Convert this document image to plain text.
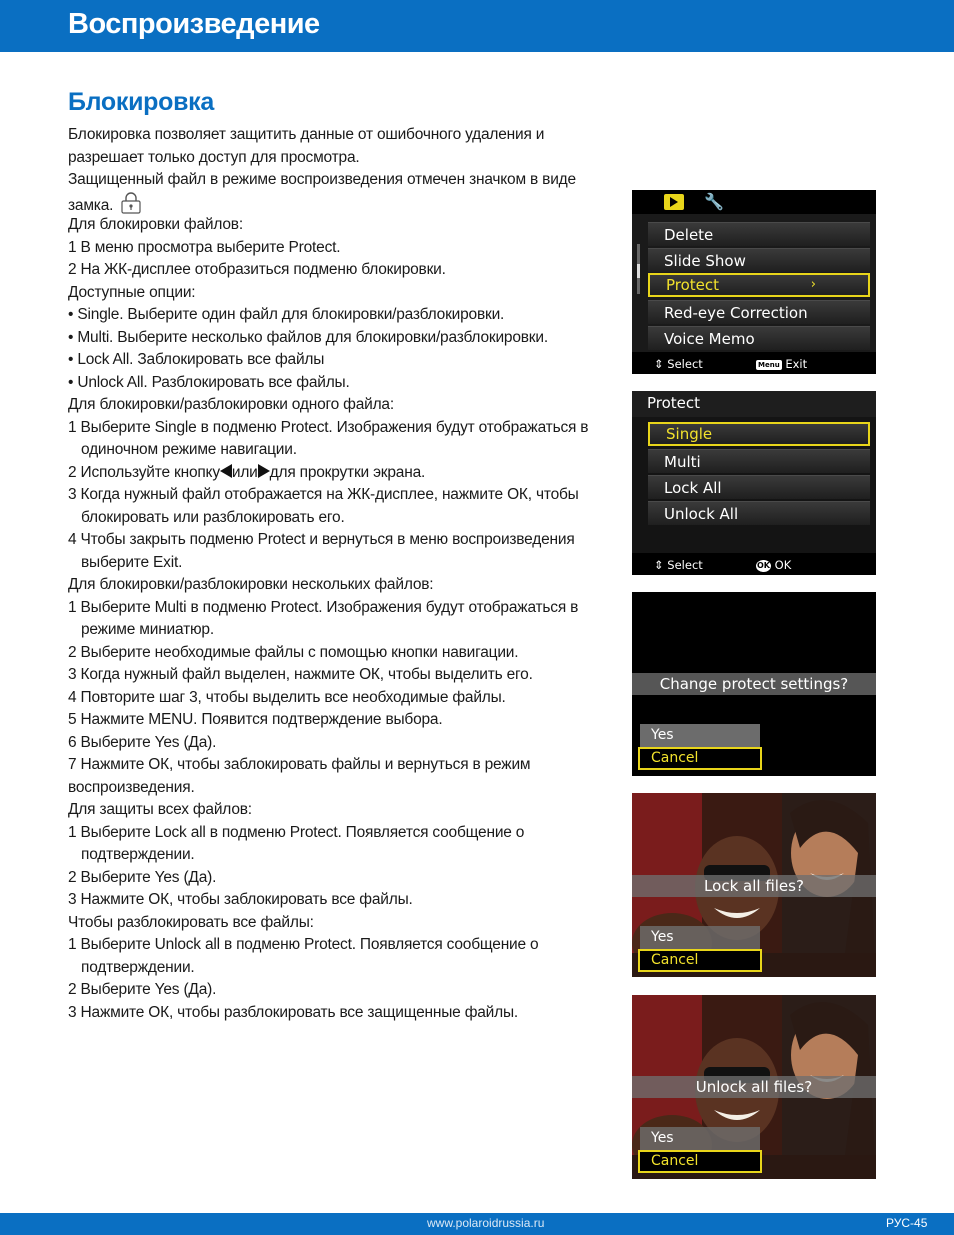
Воспроизведение
Блокировка
Блокировка позволяет защитить данные от ошибочного удаления и
разрешает только доступ для просмотра.
Защищенный файл в режиме воспроизведения отмечен значком в виде
замка.
Для блокировки файлов:
1 В меню просмотра выберите Protect.
2 На ЖК-дисплее отобразиться подменю блокировки.
Доступные опции:
• Single. Выберите один файл для блокировки/разблокировки.
• Multi. Выберите несколько файлов для блокировки/разблокировки.
• Lock All. Заблокировать все файлы
• Unlock All. Разблокировать все файлы.
Для блокировки/разблокировки одного файла:
1 Выберите Single в подменю Protect. Изображения будут отображаться в
одиночном режиме навигации.
2 Используйте кнопку или для прокрутки экрана.
3 Когда нужный файл отображается на ЖК-дисплее, нажмите ОК, чтобы
блокировать или разблокировать его.
4 Чтобы закрыть подменю Protect и вернуться в меню воспроизведения
выберите Exit.
Для блокировки/разблокировки нескольких файлов:
1 Выберите Multi в подменю Protect. Изображения будут отображаться в
режиме миниатюр.
2 Выберите необходимые файлы с помощью кнопки навигации.
3 Когда нужный файл выделен, нажмите ОК, чтобы выделить его.
4 Повторите шаг 3, чтобы выделить все необходимые файлы.
5 Нажмите MENU. Появится подтверждение выбора.
6 Выберите Yes (Да).
7 Нажмите ОК, чтобы заблокировать файлы и вернуться в режим
воспроизведения.
Для защиты всех файлов:
1 Выберите Lock all в подменю Protect. Появляется сообщение о
подтверждении.
2 Выберите Yes (Да).
3 Нажмите ОК, чтобы заблокировать все файлы.
Чтобы разблокировать все файлы:
1 Выберите Unlock all в подменю Protect. Появляется сообщение о
подтверждении.
2 Выберите Yes (Да).
3 Нажмите ОК, чтобы разблокировать все защищенные файлы.
🔧
Delete
Slide Show
Protect	›
Red-eye Correction
Voice Memo
⇕ Select	Menu Exit
Protect
Single
Multi
Lock All
Unlock All
⇕ Select	OK OK
Change protect settings?
Yes
Cancel
Lock all files?
Yes
Cancel
Unlock all files?
Yes
Cancel
www.polaroidrussia.ru	РУС-45
